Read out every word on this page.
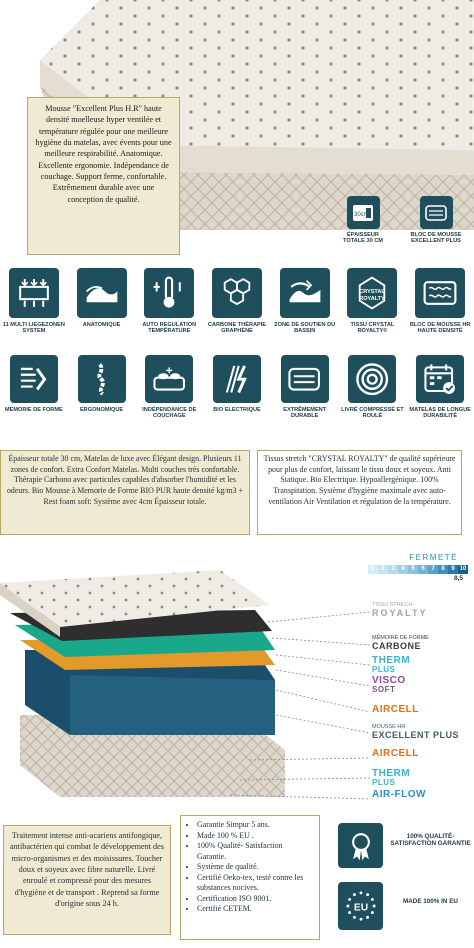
Mousse "Excellent Plus H.R" haute densité moelleuse hyper ventilée et température régulée pour une meilleure hygiène du matelas, avec évents pour une meilleure respirabilité. Anatomique. Excellente ergonomie. Indépendance de couchage. Support ferme, confortable. Extrêmement durable avec une conception de qualité.
30cm
ÉPAISSEUR TOTALE 30 CM
BLOC DE MOUSSE EXCELLENT PLUS
11 MULTI LIEGEZONEN SYSTEM
ANATOMIQUE	AUTO REGULATION TEMPÉRATURE
CARBONE THÉRAPIE GRAPHÈNE
ZONE DE SOUTIEN DU BASSIN
CRYSTAL
ROYALTY
TISSU CRYSTAL ROYALTY®
BLOC DE MOUSSE HR HAUTE DENSITÉ
MEMORIE DE FORME	ERGONOMIQUE	INDÉPENDANCE DE COUCHAGE
BIO ELECTRIQUE	EXTRÊMEMENT DURABLE
LIVRÉ COMPRESSÉ ET ROULÉ
MATELAS DE LONGUE DURABILITÉ
Épaisseur totale 30 cm, Matelas de luxe avec Élégant design. Plusieurs 11 zones de confort. Extra Confort Matelas. Multi couches très confortable. Thérapie Carbono avec particules capables d'absorber l'humidité et les odeurs. Bio Mousse à Memorie de Forme BIO PUR haute densité kg/m3 + Rest foam soft: Système avec 4cm Épaisseur totale.
Tissus stretch "CRYSTAL ROYALTY" de qualité supérieure pour plus de confort, laissant le tissu doux et soyeux. Anti Statique. Bio Electrique. Hypoallergénique. 100% Transpitation. Système d'hygiène maximale avec auto-ventilation Air Ventilation et régulation de la température.
FERMETÉ
1	2	3	4	5	6	7	8	9 10
8,5
TISSU STRECH
ROYALTY
MÉMOIRE DE FORME
CARBONE
THERM
PLUS
VISCO
SOFT
AIRCELL
MOUSSE HR
EXCELLENT PLUS
AIRCELL
THERM
PLUS
AIR-FLOW
Traitement intense anti-acariens antifongique, antibactérien qui combat le développement des micro-organismes et des moisissures. Toucher doux et soyeux avec fibre naturelle. Livré enroulé et compressé pour des mesures d'hygiène et de transport . Reprend sa forme d'origine sous 24 h.
• Garantie Simpur 5 ans.
• Made 100 % EU .
• 100% Qualité- Satisfaction Garantie.
• Système de qualité.
• Certifié Oeko-tex, testé contre les substances nocives.
• Certification ISO 9001.
• Certifié CETEM.
100% QUALITÉ-SATISFACTION GARANTIE
EU
MADE 100% IN EU
